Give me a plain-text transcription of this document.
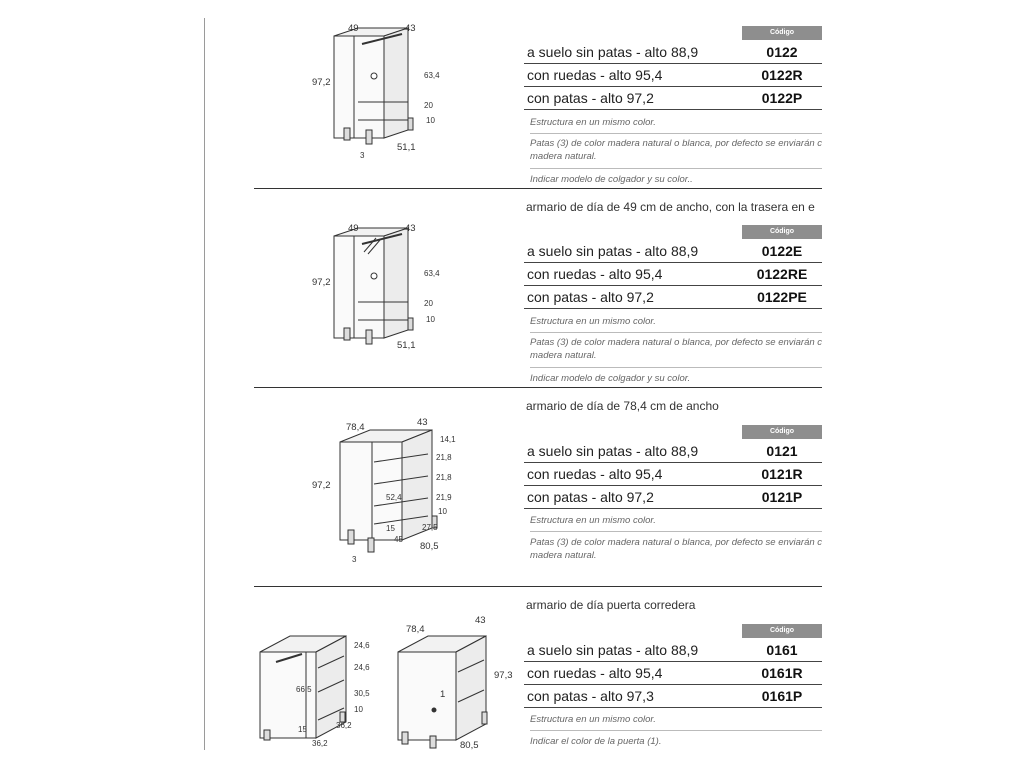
49	43
97,2
63,4
20
10
51,1
3
Código
a suelo sin patas - alto 88,9	0122
con ruedas - alto 95,4	0122R
con patas - alto 97,2	0122P
Estructura en un mismo color.
Patas (3) de color madera natural o blanca, por defecto se enviarán c
madera natural.
Indicar modelo de colgador y su color..
49	43
97,2
63,4
20
10
51,1
armario de día de 49 cm de ancho, con la trasera en e
Código
a suelo sin patas - alto 88,9	0122E
con ruedas - alto 95,4	0122RE
con patas - alto 97,2	0122PE
Estructura en un mismo color.
Patas (3) de color madera natural o blanca, por defecto se enviarán c
madera natural.
Indicar modelo de colgador y su color.
78,4	43
97,2
14,1
21,8
21,8
21,9
10
52,4
15	27,5
45
80,5
3
armario de día de 78,4 cm de ancho
Código
a suelo sin patas - alto 88,9	0121
con ruedas - alto 95,4	0121R
con patas - alto 97,2	0121P
Estructura en un mismo color.
Patas (3) de color madera natural o blanca, por defecto se enviarán c
madera natural.
24,6
24,6
30,5
10
66,5
15	36,2
36,2
78,4
43
97,3
1
80,5
armario de día puerta corredera
Código
a suelo sin patas - alto 88,9	0161
con ruedas - alto 95,4	0161R
con patas - alto 97,3	0161P
Estructura en un mismo color.
Indicar el color de la puerta (1).
